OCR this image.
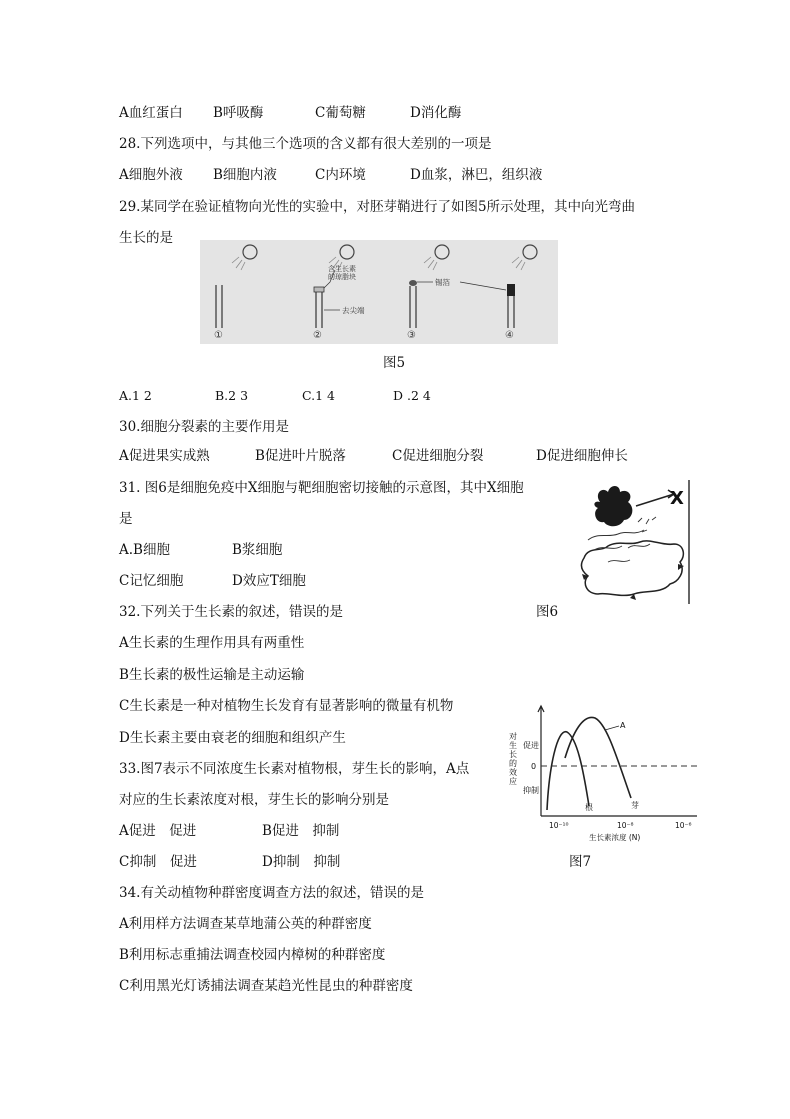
A血红蛋白 B呼吸酶	C葡萄糖	D消化酶
28.下列选项中，与其他三个选项的含义都有很大差别的一项是
A细胞外液 B细胞内液	C内环境	D血浆，淋巴，组织液
29.某同学在验证植物向光性的实验中，对胚芽鞘进行了如图5所示处理，其中向光弯曲
生长的是
①	②	③	④
含生长素
的琼脂块
去尖端
锡箔
图5
A.1 2	B.2 3	C.1 4	D .2 4
30.细胞分裂素的主要作用是
A促进果实成熟	B促进叶片脱落	C促进细胞分裂	D促进细胞伸长
31. 图6是细胞免疫中X细胞与靶细胞密切接触的示意图，其中X细胞
是
A.B细胞	B浆细胞
C记忆细胞	D效应T细胞
X
图6
32.下列关于生长素的叙述，错误的是
A生长素的生理作用具有两重性
B生长素的极性运输是主动运输
C生长素是一种对植物生长发育有显著影响的微量有机物
D生长素主要由衰老的细胞和组织产生
33.图7表示不同浓度生长素对植物根，芽生长的影响，A点
对应的生长素浓度对根，芽生长的影响分别是
A促进　促进	B促进　抑制
C抑制　促进	D抑制　抑制
A
促进
0
抑制
根	芽
10⁻¹⁰	10⁻⁸	10⁻⁶
生长素浓度 (N)
对生长的效应
图7
34.有关动植物种群密度调查方法的叙述，错误的是
A利用样方法调查某草地蒲公英的种群密度
B利用标志重捕法调查校园内樟树的种群密度
C利用黑光灯诱捕法调查某趋光性昆虫的种群密度
